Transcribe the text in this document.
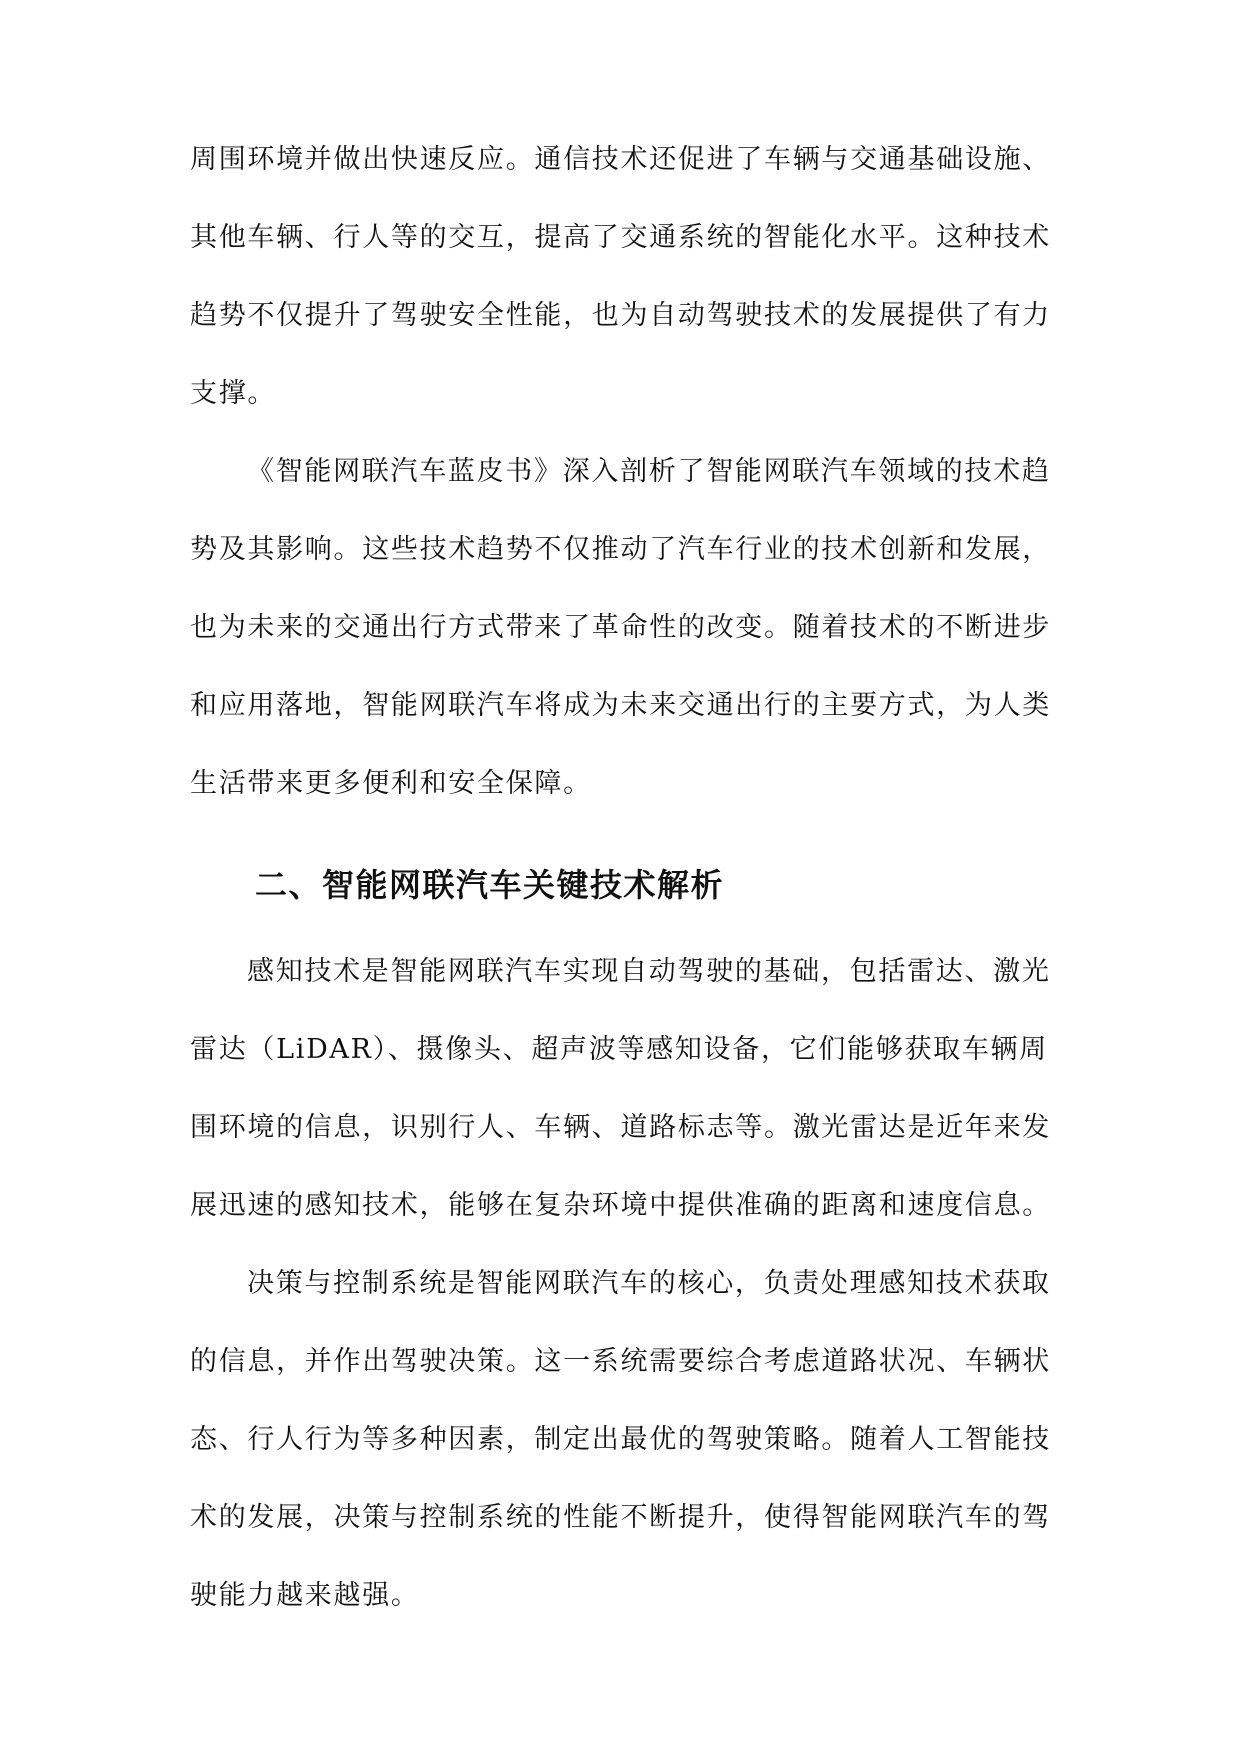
周围环境并做出快速反应。通信技术还促进了车辆与交通基础设施、
其他车辆、行人等的交互，提高了交通系统的智能化水平。这种技术
趋势不仅提升了驾驶安全性能，也为自动驾驶技术的发展提供了有力
支撑。
《智能网联汽车蓝皮书》深入剖析了智能网联汽车领域的技术趋
势及其影响。这些技术趋势不仅推动了汽车行业的技术创新和发展，
也为未来的交通出行方式带来了革命性的改变。随着技术的不断进步
和应用落地，智能网联汽车将成为未来交通出行的主要方式，为人类
生活带来更多便利和安全保障。
二、智能网联汽车关键技术解析
感知技术是智能网联汽车实现自动驾驶的基础，包括雷达、激光
雷达（LiDAR）、摄像头、超声波等感知设备，它们能够获取车辆周
围环境的信息，识别行人、车辆、道路标志等。激光雷达是近年来发
展迅速的感知技术，能够在复杂环境中提供准确的距离和速度信息。
决策与控制系统是智能网联汽车的核心，负责处理感知技术获取
的信息，并作出驾驶决策。这一系统需要综合考虑道路状况、车辆状
态、行人行为等多种因素，制定出最优的驾驶策略。随着人工智能技
术的发展，决策与控制系统的性能不断提升，使得智能网联汽车的驾
驶能力越来越强。
